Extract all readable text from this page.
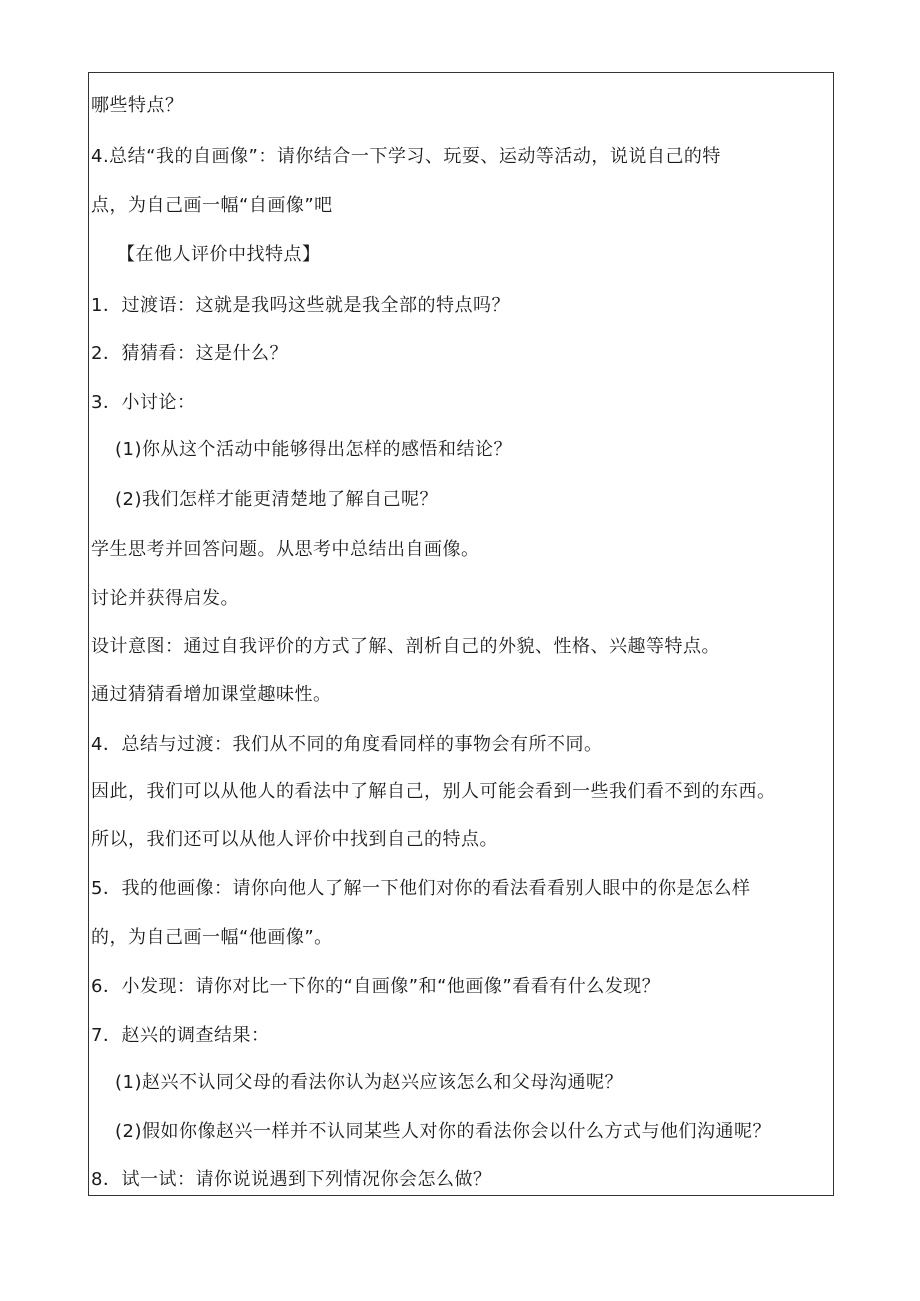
哪些特点？
4.总结“我的自画像”：请你结合一下学习、玩耍、运动等活动，说说自己的特
点，为自己画一幅“自画像”吧
【在他人评价中找特点】
1．过渡语：这就是我吗这些就是我全部的特点吗？
2．猜猜看：这是什么？
3．小讨论：
(1)你从这个活动中能够得出怎样的感悟和结论？
(2)我们怎样才能更清楚地了解自己呢？
学生思考并回答问题。从思考中总结出自画像。
讨论并获得启发。
设计意图：通过自我评价的方式了解、剖析自己的外貌、性格、兴趣等特点。
通过猜猜看增加课堂趣味性。
4．总结与过渡：我们从不同的角度看同样的事物会有所不同。
因此，我们可以从他人的看法中了解自己，别人可能会看到一些我们看不到的东西。
所以，我们还可以从他人评价中找到自己的特点。
5．我的他画像：请你向他人了解一下他们对你的看法看看别人眼中的你是怎么样
的，为自己画一幅“他画像”。
6．小发现：请你对比一下你的“自画像”和“他画像”看看有什么发现？
7．赵兴的调查结果：
(1)赵兴不认同父母的看法你认为赵兴应该怎么和父母沟通呢？
(2)假如你像赵兴一样并不认同某些人对你的看法你会以什么方式与他们沟通呢？
8．试一试：请你说说遇到下列情况你会怎么做？
